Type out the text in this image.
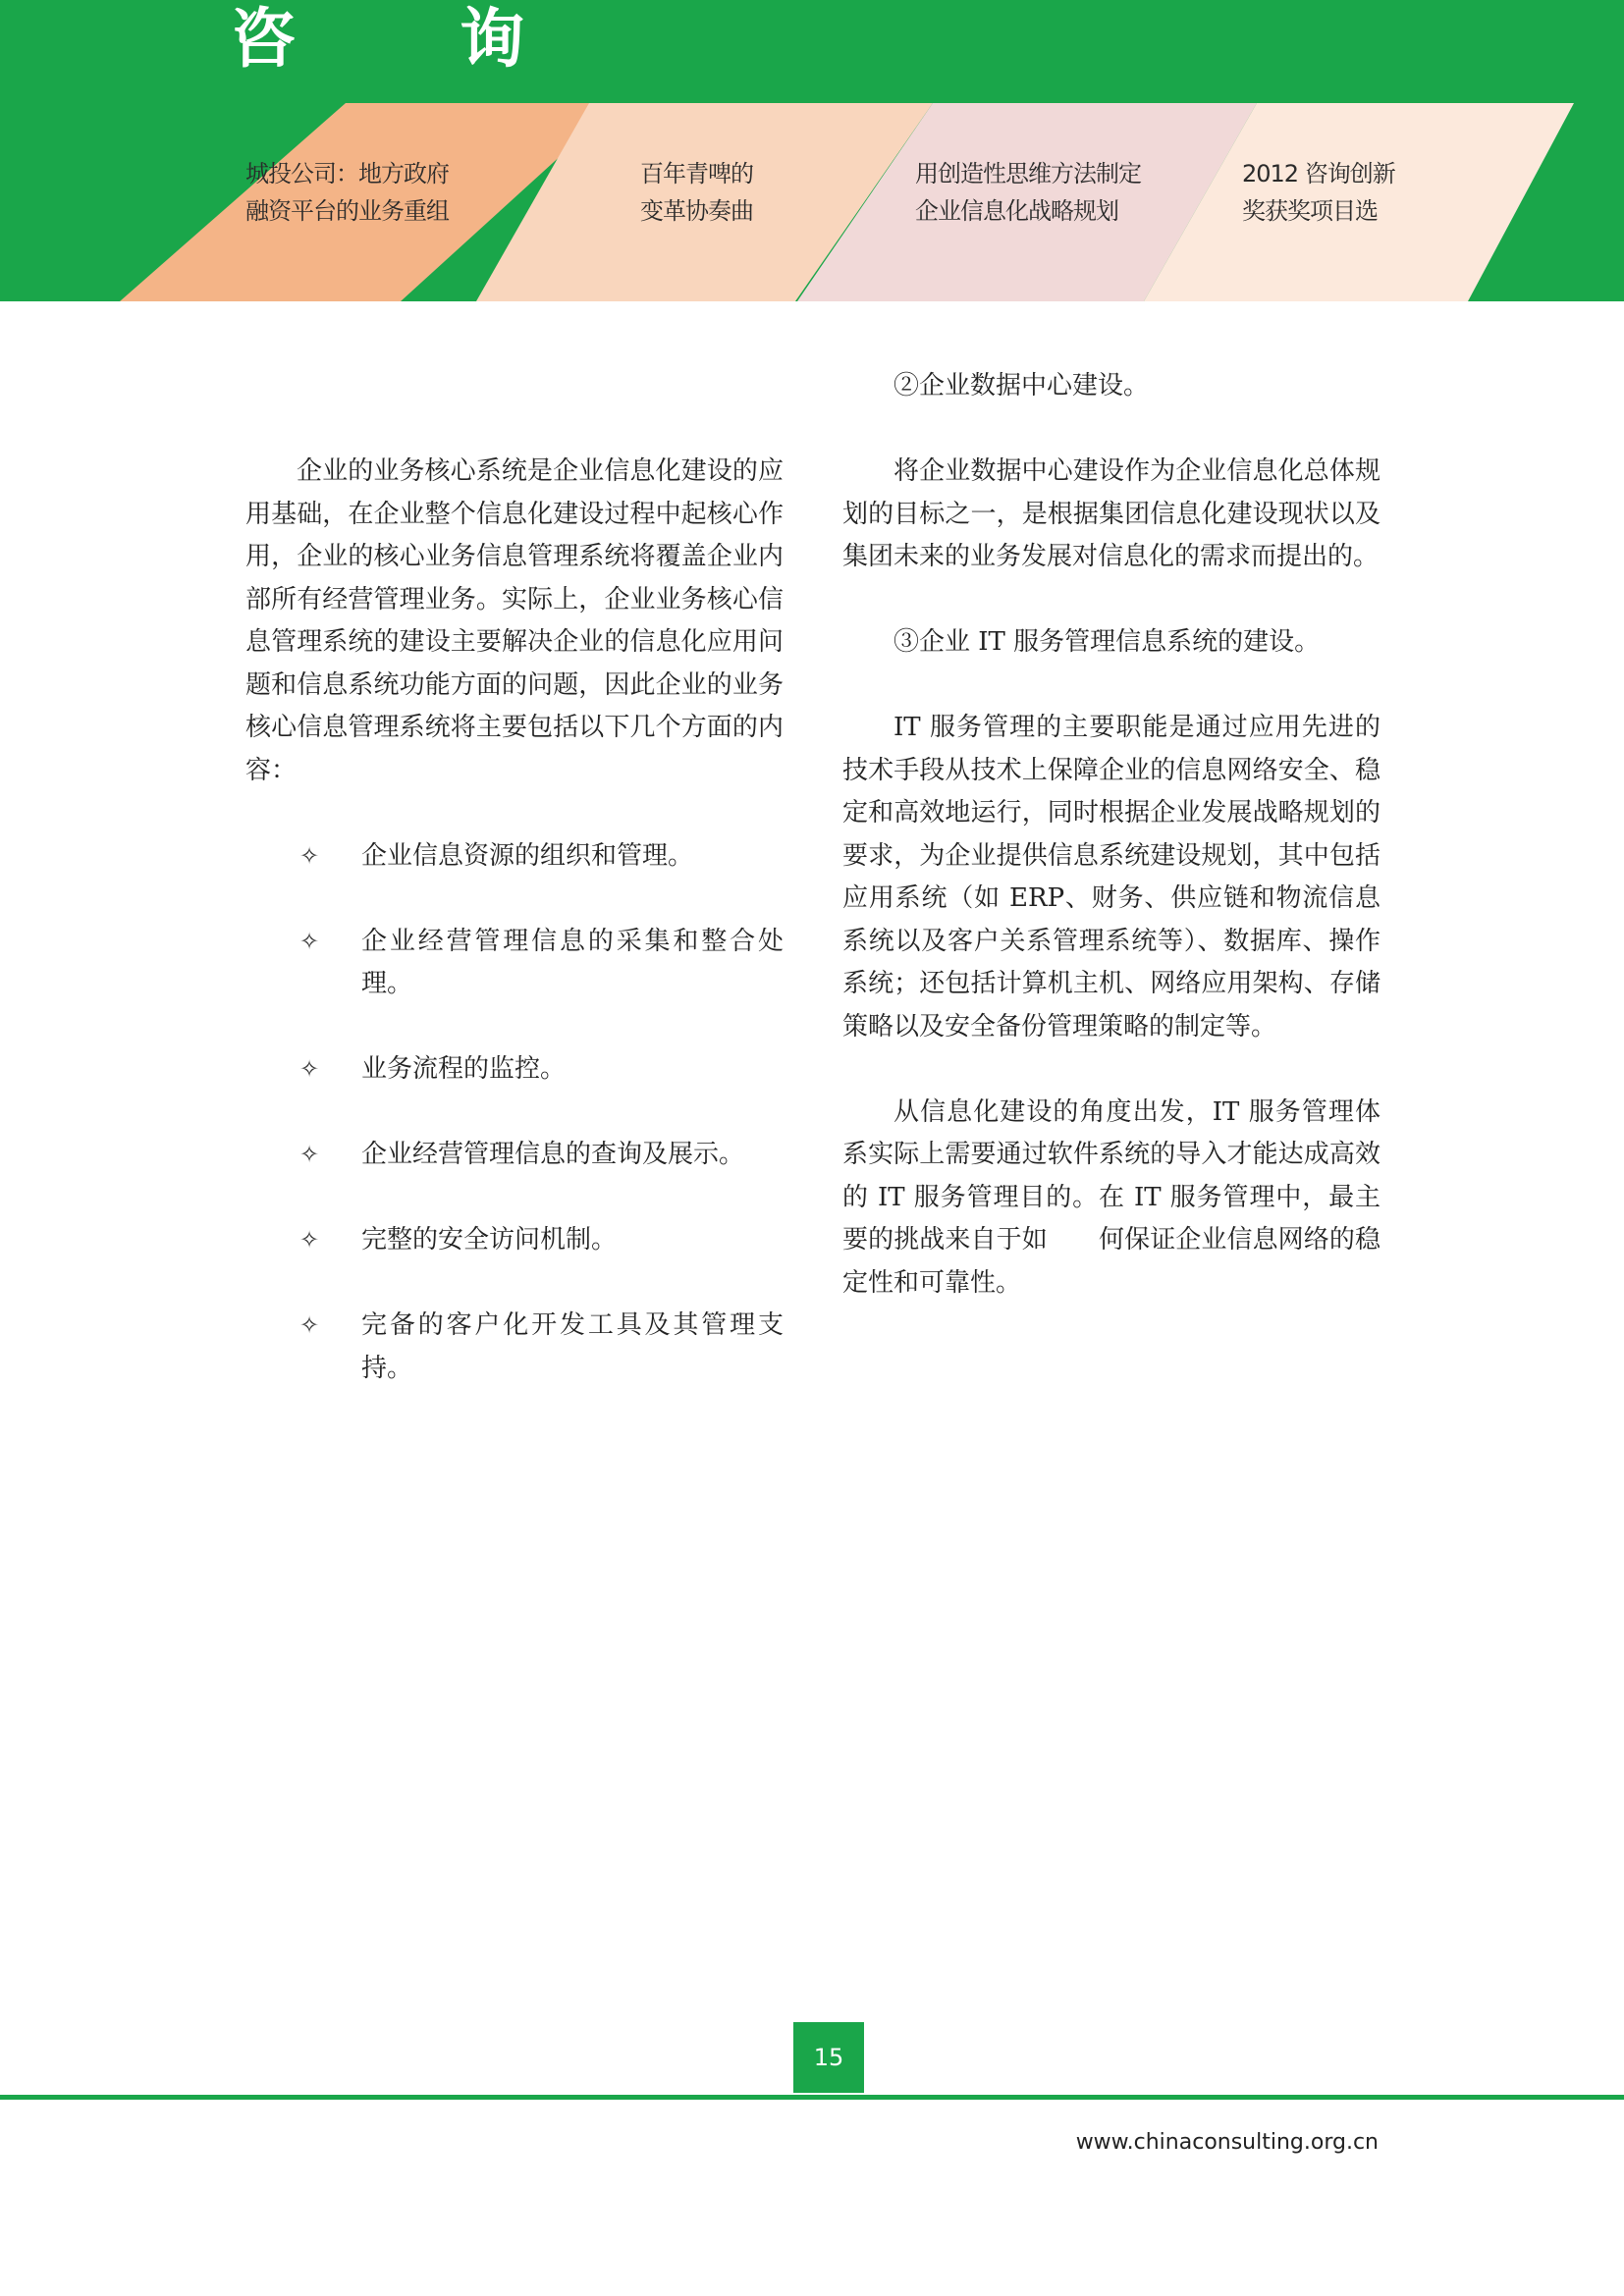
咨 询
城投公司：地方政府
融资平台的业务重组
百年青啤的
变革协奏曲
用创造性思维方法制定
企业信息化战略规划
2012 咨询创新
奖获奖项目选

企业的业务核心系统是企业信息化建设的应用基础，在企业整个信息化建设过程中起核心作用，企业的核心业务信息管理系统将覆盖企业内部所有经营管理业务。实际上，企业业务核心信息管理系统的建设主要解决企业的信息化应用问题和信息系统功能方面的问题，因此企业的业务核心信息管理系统将主要包括以下几个方面的内容：

✧ 企业信息资源的组织和管理。
✧ 企业经营管理信息的采集和整合处理。
✧ 业务流程的监控。
✧ 企业经营管理信息的查询及展示。
✧ 完整的安全访问机制。
✧ 完备的客户化开发工具及其管理支持。

②企业数据中心建设。

将企业数据中心建设作为企业信息化总体规划的目标之一，是根据集团信息化建设现状以及集团未来的业务发展对信息化的需求而提出的。

③企业 IT 服务管理信息系统的建设。

IT 服务管理的主要职能是通过应用先进的技术手段从技术上保障企业的信息网络安全、稳定和高效地运行，同时根据企业发展战略规划的要求，为企业提供信息系统建设规划，其中包括应用系统（如 ERP、财务、供应链和物流信息系统以及客户关系管理系统等）、数据库、操作系统；还包括计算机主机、网络应用架构、存储策略以及安全备份管理策略的制定等。

从信息化建设的角度出发，IT 服务管理体系实际上需要通过软件系统的导入才能达成高效的 IT 服务管理目的。在 IT 服务管理中，最主要的挑战来自于如　　何保证企业信息网络的稳定性和可靠性。

15
www.chinaconsulting.org.cn
